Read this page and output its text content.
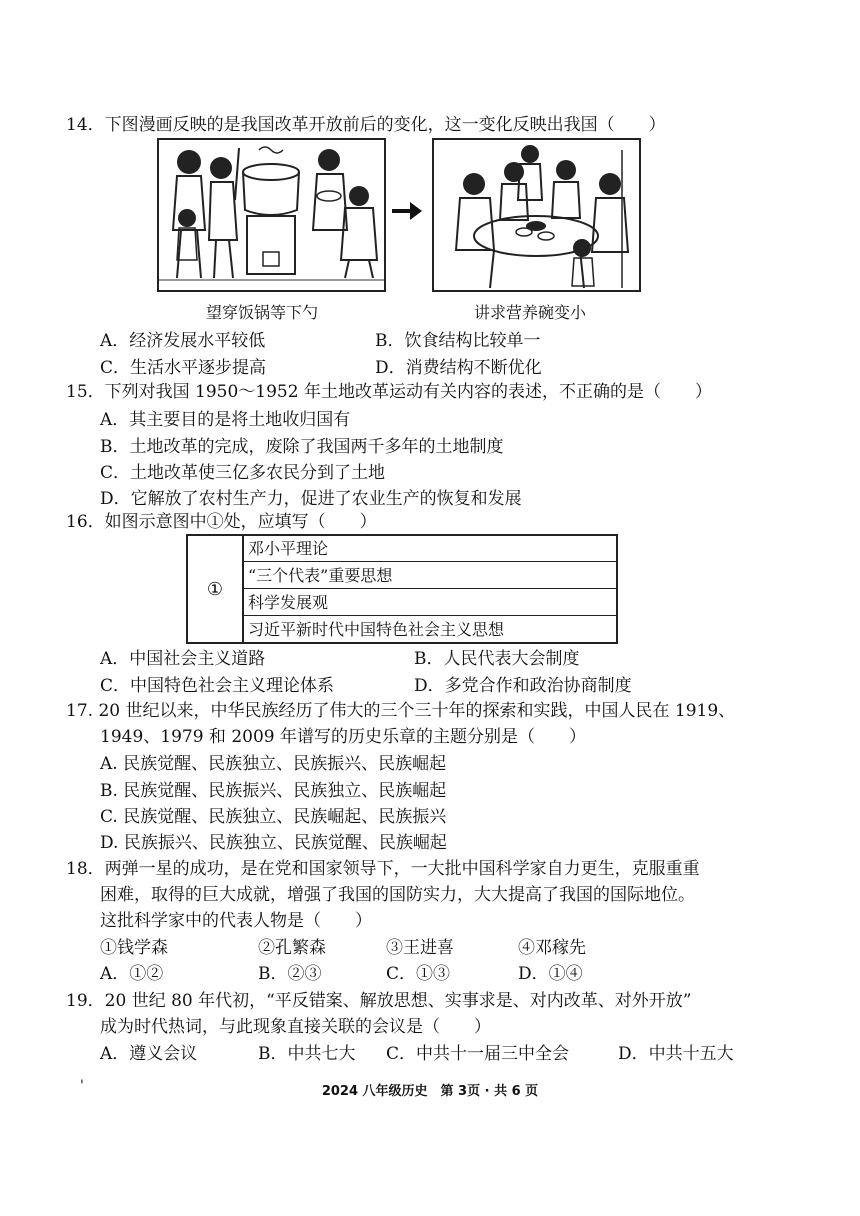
14．下图漫画反映的是我国改革开放前后的变化，这一变化反映出我国（　　）
望穿饭锅等下勺	讲求营养碗变小
A．经济发展水平较低	B．饮食结构比较单一
C．生活水平逐步提高	D．消费结构不断优化
15．下列对我国 1950～1952 年土地改革运动有关内容的表述，不正确的是（　　）
A．其主要目的是将土地收归国有
B．土地改革的完成，废除了我国两千多年的土地制度
C．土地改革使三亿多农民分到了土地
D．它解放了农村生产力，促进了农业生产的恢复和发展
16．如图示意图中①处，应填写（　　）
①
邓小平理论
“三个代表”重要思想
科学发展观
习近平新时代中国特色社会主义思想
A．中国社会主义道路	B．人民代表大会制度
C．中国特色社会主义理论体系	D．多党合作和政治协商制度
17. 20 世纪以来，中华民族经历了伟大的三个三十年的探索和实践，中国人民在 1919、
1949、1979 和 2009 年谱写的历史乐章的主题分别是（　　）
A. 民族觉醒、民族独立、民族振兴、民族崛起
B. 民族觉醒、民族振兴、民族独立、民族崛起
C. 民族觉醒、民族独立、民族崛起、民族振兴
D. 民族振兴、民族独立、民族觉醒、民族崛起
18．两弹一星的成功，是在党和国家领导下，一大批中国科学家自力更生，克服重重
困难，取得的巨大成就，增强了我国的国防实力，大大提高了我国的国际地位。
这批科学家中的代表人物是（　　）
①钱学森	②孔繁森	③王进喜	④邓稼先
A．①②	B．②③	C．①③	D．①④
19．20 世纪 80 年代初，“平反错案、解放思想、实事求是、对内改革、对外开放”
成为时代热词，与此现象直接关联的会议是（　　）
A．遵义会议	B．中共七大 C．中共十一届三中全会	D．中共十五大
'	2024 八年级历史　第 3页 · 共 6 页
